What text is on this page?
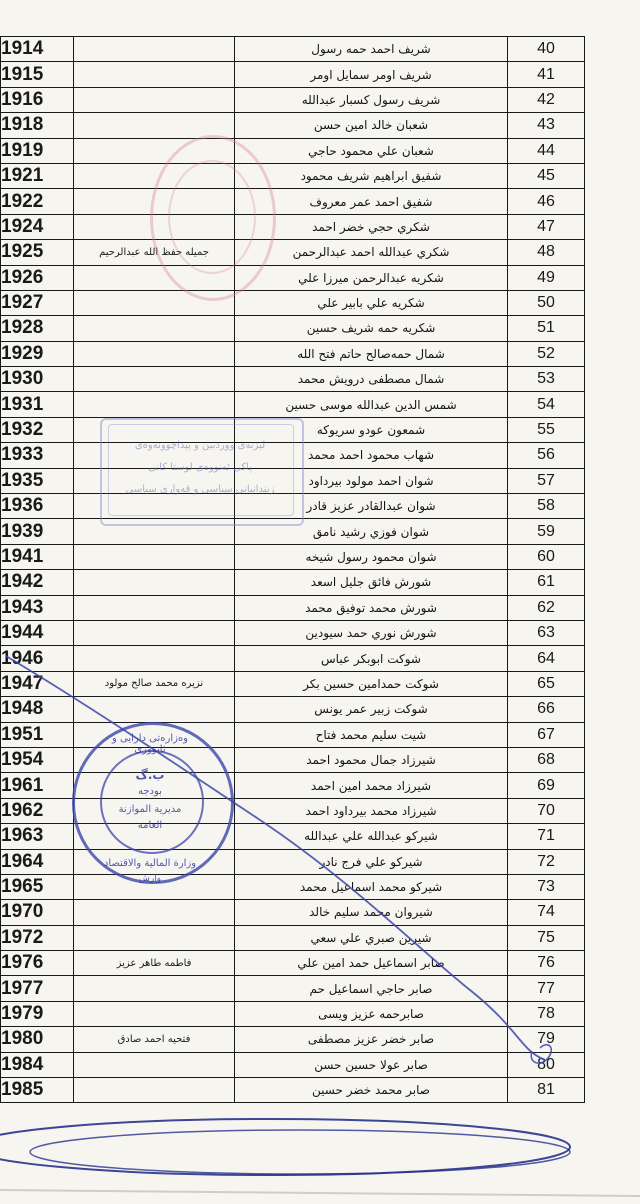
1914		شريف احمد حمه رسول	40
1915		شريف اومر سمايل اومر	41
1916		شريف رسول كسبار عبدالله	42
1918		شعبان خالد امين حسن	43
1919		شعبان علي محمود حاجي	44
1921		شفيق ابراهيم شريف محمود	45
1922		شفيق احمد عمر معروف	46
1924		شكري حجي خضر احمد	47
1925	جميله حفظ الله عبدالرحيم	شكري عبدالله احمد عبدالرحمن	48
1926		شكريه عبدالرحمن ميرزا علي	49
1927		شكريه علي بابير علي	50
1928		شكريه حمه شريف حسين	51
1929		شمال حمه‌صالح حاتم فتح الله	52
1930		شمال مصطفى درويش محمد	53
1931		شمس الدين عبدالله موسى حسين	54
1932		شمعون عودو سريوكه	55
1933		شهاب محمود احمد محمد	56
1935		شوان احمد مولود بيرداود	57
1936		شوان عبدالقادر عزيز قادر	58
1939		شوان فوزي رشيد نامق	59
1941		شوان محمود رسول شيخه	60
1942		شورش فائق جليل اسعد	61
1943		شورش محمد توفيق محمد	62
1944		شورش نوري حمد سيودين	63
1946		شوكت ابوبكر عباس	64
1947	نزيره محمد صالح مولود	شوكت حمدامين حسين بكر	65
1948		شوكت زبير عمر يونس	66
1951		شيت سليم محمد فتاح	67
1954		شيرزاد جمال محمود احمد	68
1961		شيرزاد محمد امين احمد	69
1962		شيرزاد محمد بيرداود احمد	70
1963		شيركو عبدالله علي عبدالله	71
1964		شيركو علي فرج نادر	72
1965		شيركو محمد اسماعيل محمد	73
1970		شيروان محمد سليم خالد	74
1972		شيرين صبري علي سعي	75
1976	فاطمه طاهر عزيز	صابر اسماعيل حمد امين علي	76
1977		صابر حاجي اسماعيل حم	77
1979		صابرحمه عزيز ويسى	78
1980	فتحيه احمد صادق	صابر خضر عزيز مصطفى	79
1984		صابر عولا حسين حسن	80
1985		صابر محمد خضر حسين	81
ليژنه‌ی ووردبين و پيداچوونه‌وه‌ی
پاكی ئه‌نووه‌ی لوستا كانی
زيندانيانی سياسی و قه‌واری سياسی
وەزارەتی دارايی و ئابووری
ب.گ
بودجه
مديرية الموازنة
العامة
وزارة المالية والاقتصاد
وارش
